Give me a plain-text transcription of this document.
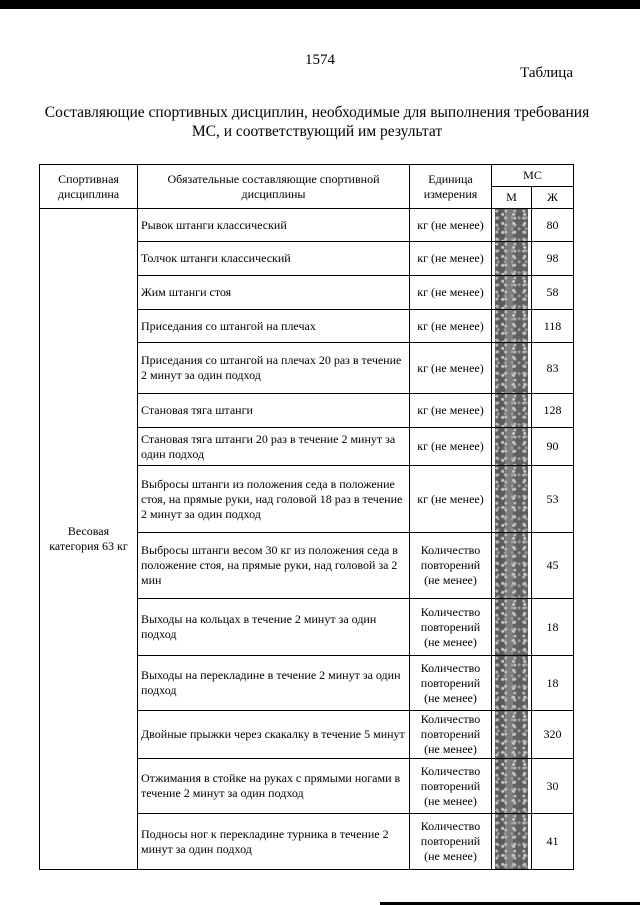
1574
Таблица
Составляющие спортивных дисциплин, необходимые для выполнения требования МС, и соответствующий им результат
Спортивная дисциплина	Обязательные составляющие спортивной дисциплины	Единица измерения	МС	
			М	Ж
Весовая категория 63 кг	Рывок штанги классический	кг (не менее)		80
	Толчок штанги классический	кг (не менее)		98
	Жим штанги стоя	кг (не менее)		58
	Приседания со штангой на плечах	кг (не менее)		118
	Приседания со штангой на плечах 20 раз в течение 2 минут за один подход	кг (не менее)		83
	Становая тяга штанги	кг (не менее)		128
	Становая тяга штанги 20 раз в течение 2 минут за один подход	кг (не менее)		90
	Выбросы штанги из положения седа в положение стоя, на прямые руки, над головой 18 раз в течение 2 минут за один подход	кг (не менее)		53
	Выбросы штанги весом 30 кг из положения седа в положение стоя, на прямые руки, над головой за 2 мин	Количество повторений (не менее)		45
	Выходы на кольцах в течение 2 минут за один подход	Количество повторений (не менее)		18
	Выходы на перекладине в течение 2 минут за один подход	Количество повторений (не менее)		18
	Двойные прыжки через скакалку в течение 5 минут	Количество повторений (не менее)		320
	Отжимания в стойке на руках с прямыми ногами в течение 2 минут за один подход	Количество повторений (не менее)		30
	Подносы ног к перекладине турника в течение 2 минут за один подход	Количество повторений (не менее)		41
